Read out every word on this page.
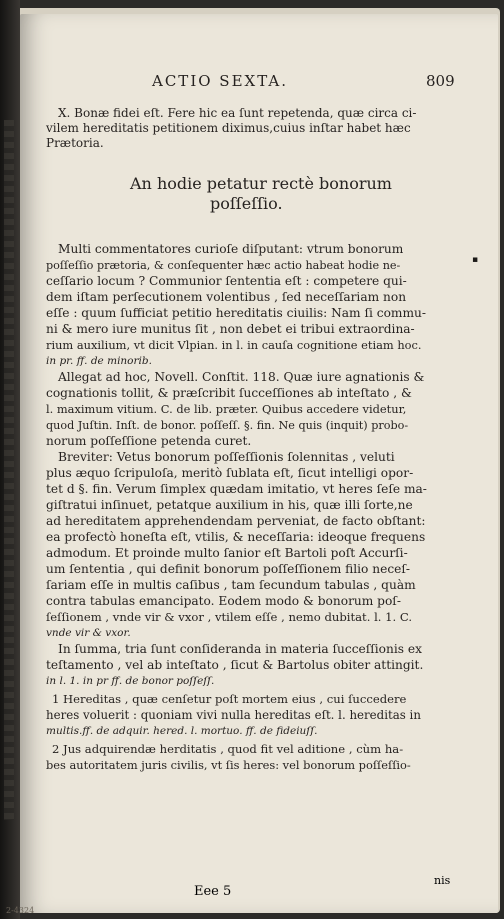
ACTIO SEXTA.	809
X. Bonæ fidei eſt. Fere hic ea ſunt repetenda, quæ circa ci-
vilem hereditatis petitionem diximus,cuius inſtar habet hæc
Prætoria.
An hodie petatur rectè bonorum
poſſeſſio.
▪
Multi commentatores curioſe diſputant: vtrum bonorum
poſſeſſio prætoria, & conſequenter hæc actio habeat hodie ne-
ceſſario locum ? Communior ſententia eſt : competere qui-
dem iſtam perſecutionem volentibus , ſed neceſſariam non
eſſe : quum ſufficiat petitio hereditatis ciuilis: Nam ſi commu-
ni & mero iure munitus ſit , non debet ei tribui extraordina-
rium auxilium, vt dicit Vlpian. in l. in cauſa cognitione etiam hoc.
in pr. ff. de minorib.
Allegat ad hoc, Novell. Conſtit. 118. Quæ iure agnationis &
cognationis tollit, & præſcribit ſucceſſiones ab inteſtato , &
l. maximum vitium. C. de lib. præter. Quibus accedere videtur,
quod Juſtin. Inſt. de bonor. poſſeſſ. §. fin. Ne quis (inquit) probo-
norum poſſeſſione petenda curet.
Breviter: Vetus bonorum poſſeſſionis ſolennitas , veluti
plus æquo ſcripuloſa, meritò ſublata eſt, ſicut intelligi opor-
tet d §. fin. Verum ſimplex quædam imitatio, vt heres ſeſe ma-
giſtratui inſinuet, petatque auxilium in his, quæ illi ſorte,ne
ad hereditatem apprehendendam perveniat, de facto obſtant:
ea profectò honeſta eſt, vtilis, & neceſſaria: ideoque frequens
admodum. Et proinde multo ſanior eſt Bartoli poſt Accurſi-
um ſententia , qui definit bonorum poſſeſſionem filio neceſ-
ſariam eſſe in multis caſibus , tam ſecundum tabulas , quàm
contra tabulas emancipato. Eodem modo & bonorum poſ-
ſeſſionem , vnde vir & vxor , vtilem eſſe , nemo dubitat. l. 1. C.
vnde vir & vxor.
In ſumma, tria ſunt conſideranda in materia ſucceſſionis ex
teſtamento , vel ab inteſtato , ſicut & Bartolus obiter attingit.
in l. 1. in pr ff. de bonor poſſeſſ.
1 Hereditas , quæ cenſetur poſt mortem eius , cui ſuccedere
heres voluerit : quoniam vivi nulla hereditas eſt. l. hereditas in
multis.ff. de adquir. hered. l. mortuo. ff. de fideiuſſ.
2 Jus adquirendæ herditatis , quod fit vel aditione , cùm ha-
bes autoritatem juris civilis, vt ſis heres: vel bonorum poſſeſſio-
nis
Eee 5
2-4324
